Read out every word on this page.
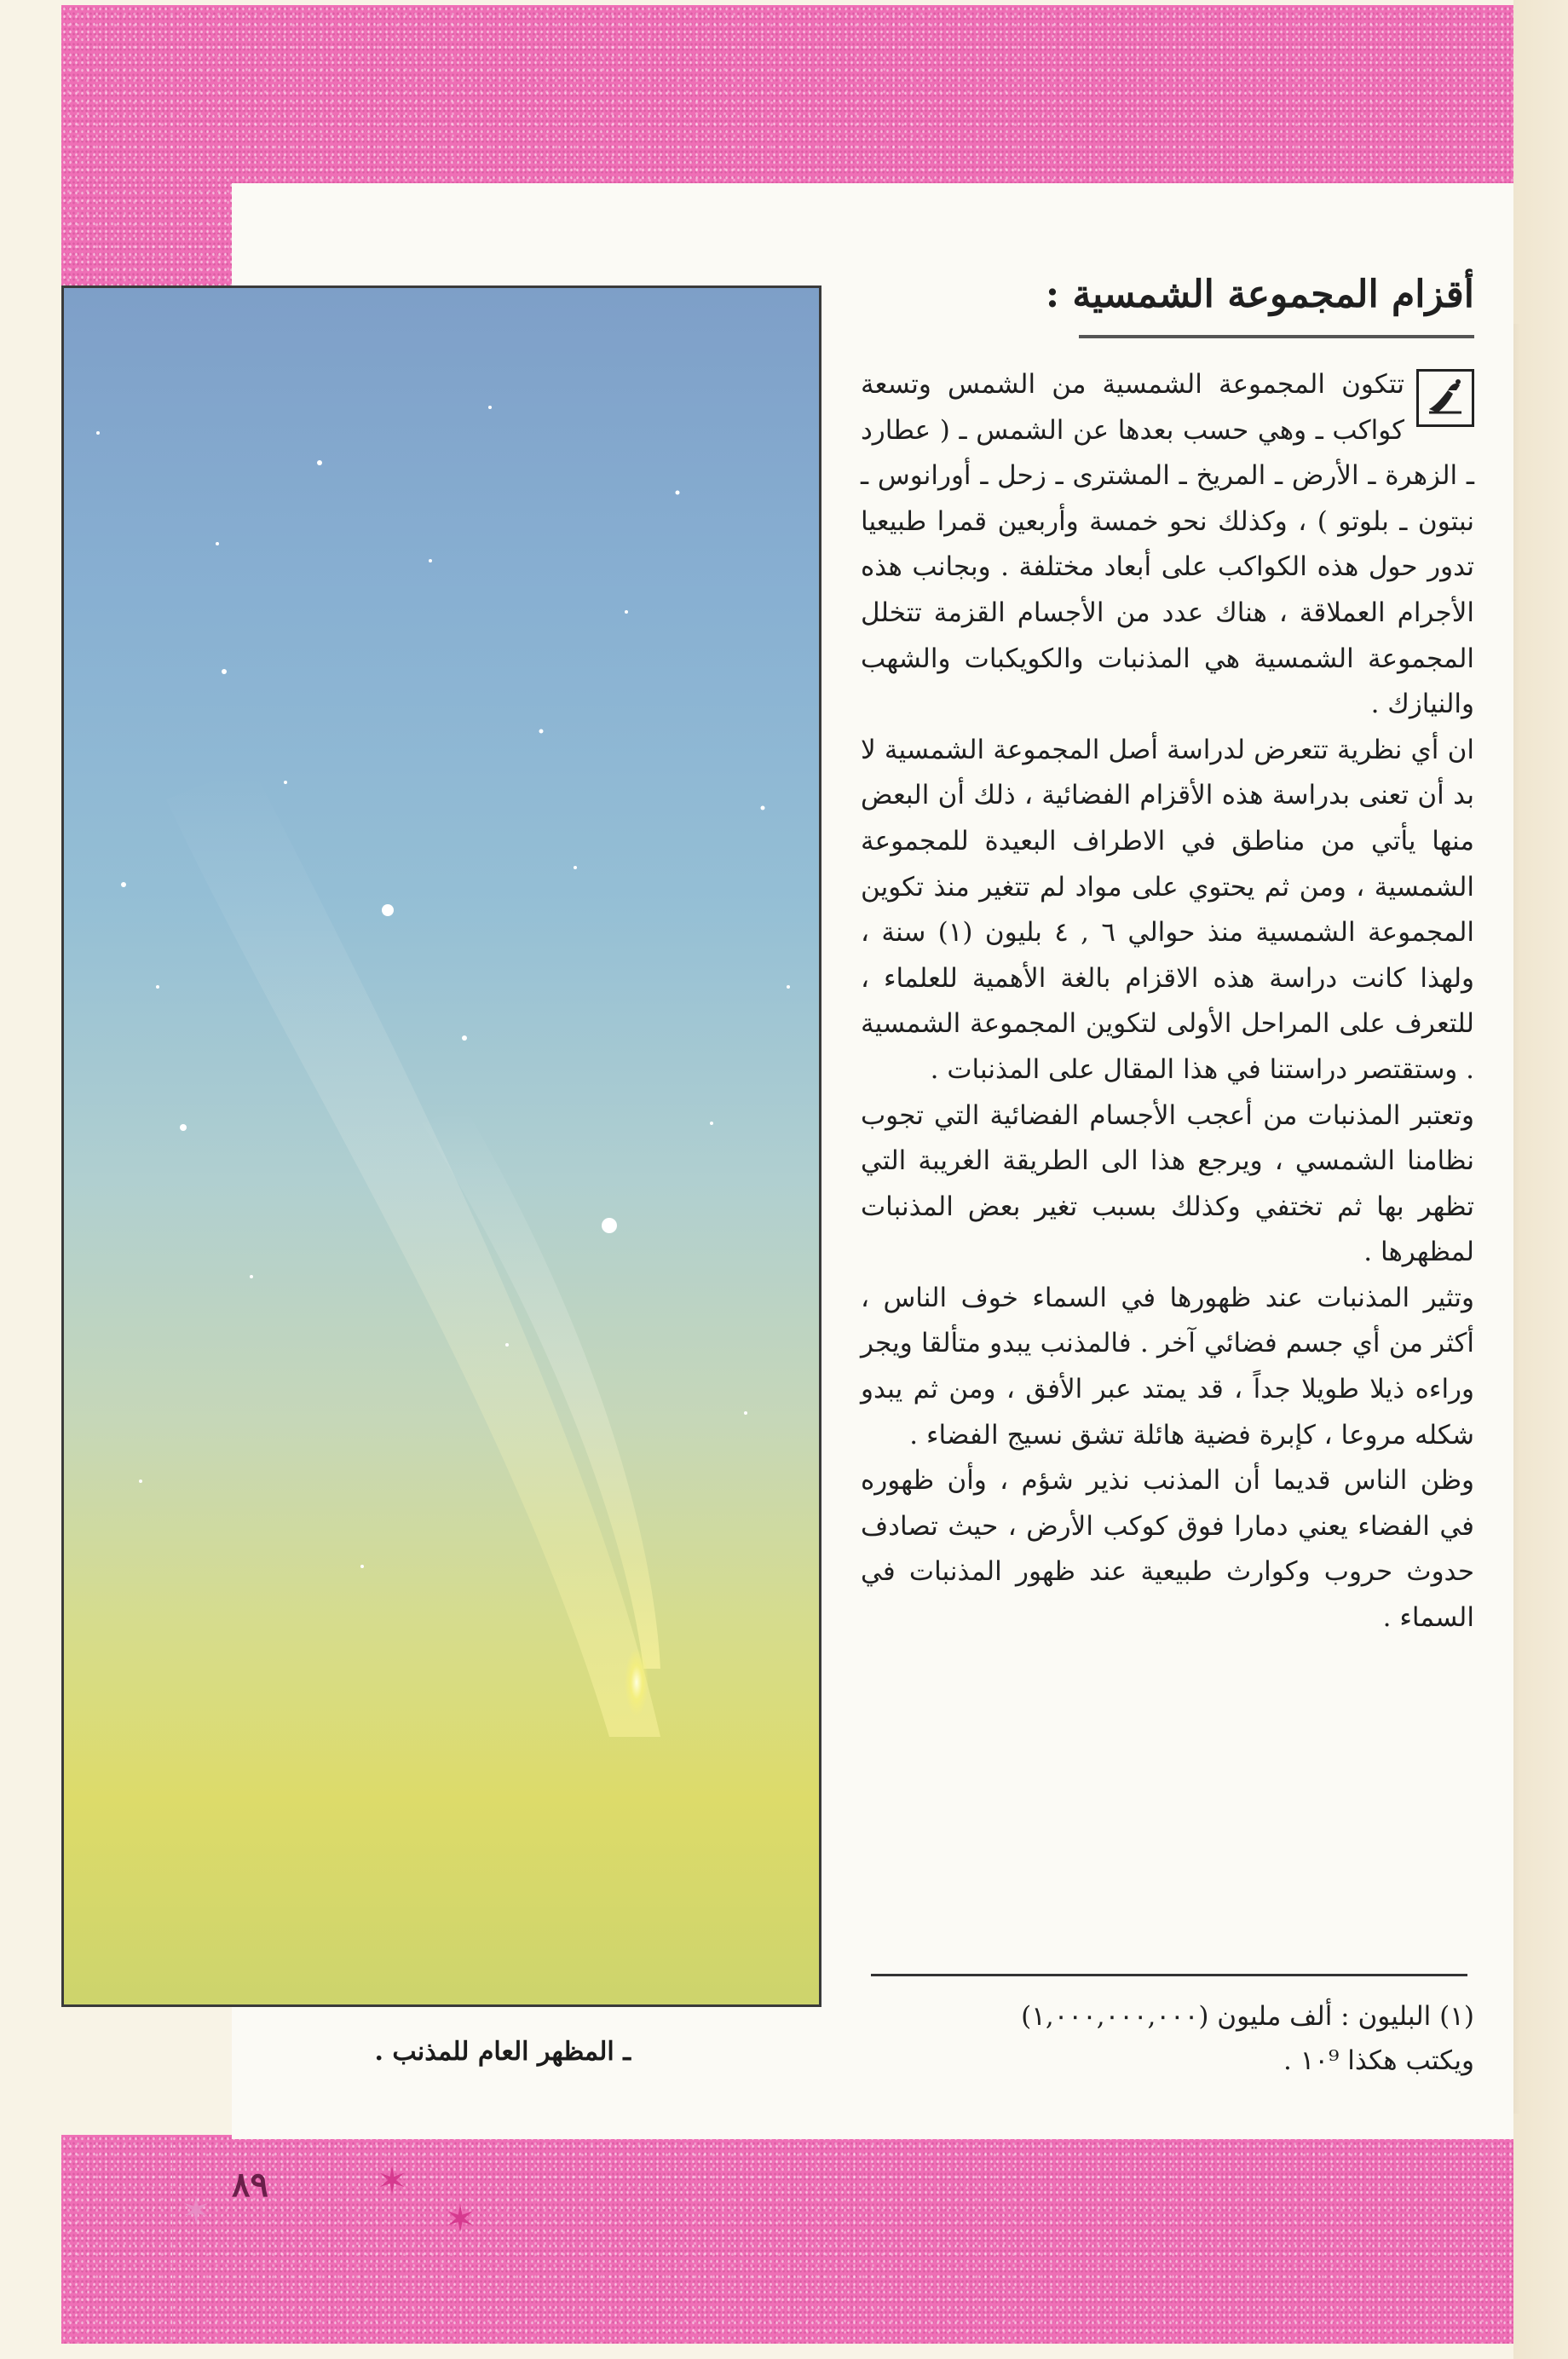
ـ المظهر العام للمذنب .
أقزام المجموعة الشمسية :

تتكون المجموعة الشمسية من الشمس وتسعة كواكب ـ وهي حسب بعدها عن الشمس ـ ( عطارد ـ الزهرة ـ الأرض ـ المريخ ـ المشترى ـ زحل ـ أورانوس ـ نبتون ـ بلوتو ) ، وكذلك نحو خمسة وأربعين قمرا طبيعيا تدور حول هذه الكواكب على أبعاد مختلفة . وبجانب هذه الأجرام العملاقة ، هناك عدد من الأجسام القزمة تتخلل المجموعة الشمسية هي المذنبات والكويكبات والشهب والنيازك .

ان أي نظرية تتعرض لدراسة أصل المجموعة الشمسية لا بد أن تعنى بدراسة هذه الأقزام الفضائية ، ذلك أن البعض منها يأتي من مناطق في الاطراف البعيدة للمجموعة الشمسية ، ومن ثم يحتوي على مواد لم تتغير منذ تكوين المجموعة الشمسية منذ حوالي ٦ , ٤ بليون (١) سنة ، ولهذا كانت دراسة هذه الاقزام بالغة الأهمية للعلماء ، للتعرف على المراحل الأولى لتكوين المجموعة الشمسية . وستقتصر دراستنا في هذا المقال على المذنبات .

وتعتبر المذنبات من أعجب الأجسام الفضائية التي تجوب نظامنا الشمسي ، ويرجع هذا الى الطريقة الغريبة التي تظهر بها ثم تختفي وكذلك بسبب تغير بعض المذنبات لمظهرها .

وتثير المذنبات عند ظهورها في السماء خوف الناس ، أكثر من أي جسم فضائي آخر . فالمذنب يبدو متألقا ويجر وراءه ذيلا طويلا جداً ، قد يمتد عبر الأفق ، ومن ثم يبدو شكله مروعا ، كإبرة فضية هائلة تشق نسيج الفضاء .

وظن الناس قديما أن المذنب نذير شؤم ، وأن ظهوره في الفضاء يعني دمارا فوق كوكب الأرض ، حيث تصادف حدوث حروب وكوارث طبيعية عند ظهور المذنبات في السماء .

(١) البليون : ألف مليون (١,٠٠٠,٠٠٠,٠٠٠)
ويكتب هكذا ١٠⁹ .
٨٩	✶
✶
✶
